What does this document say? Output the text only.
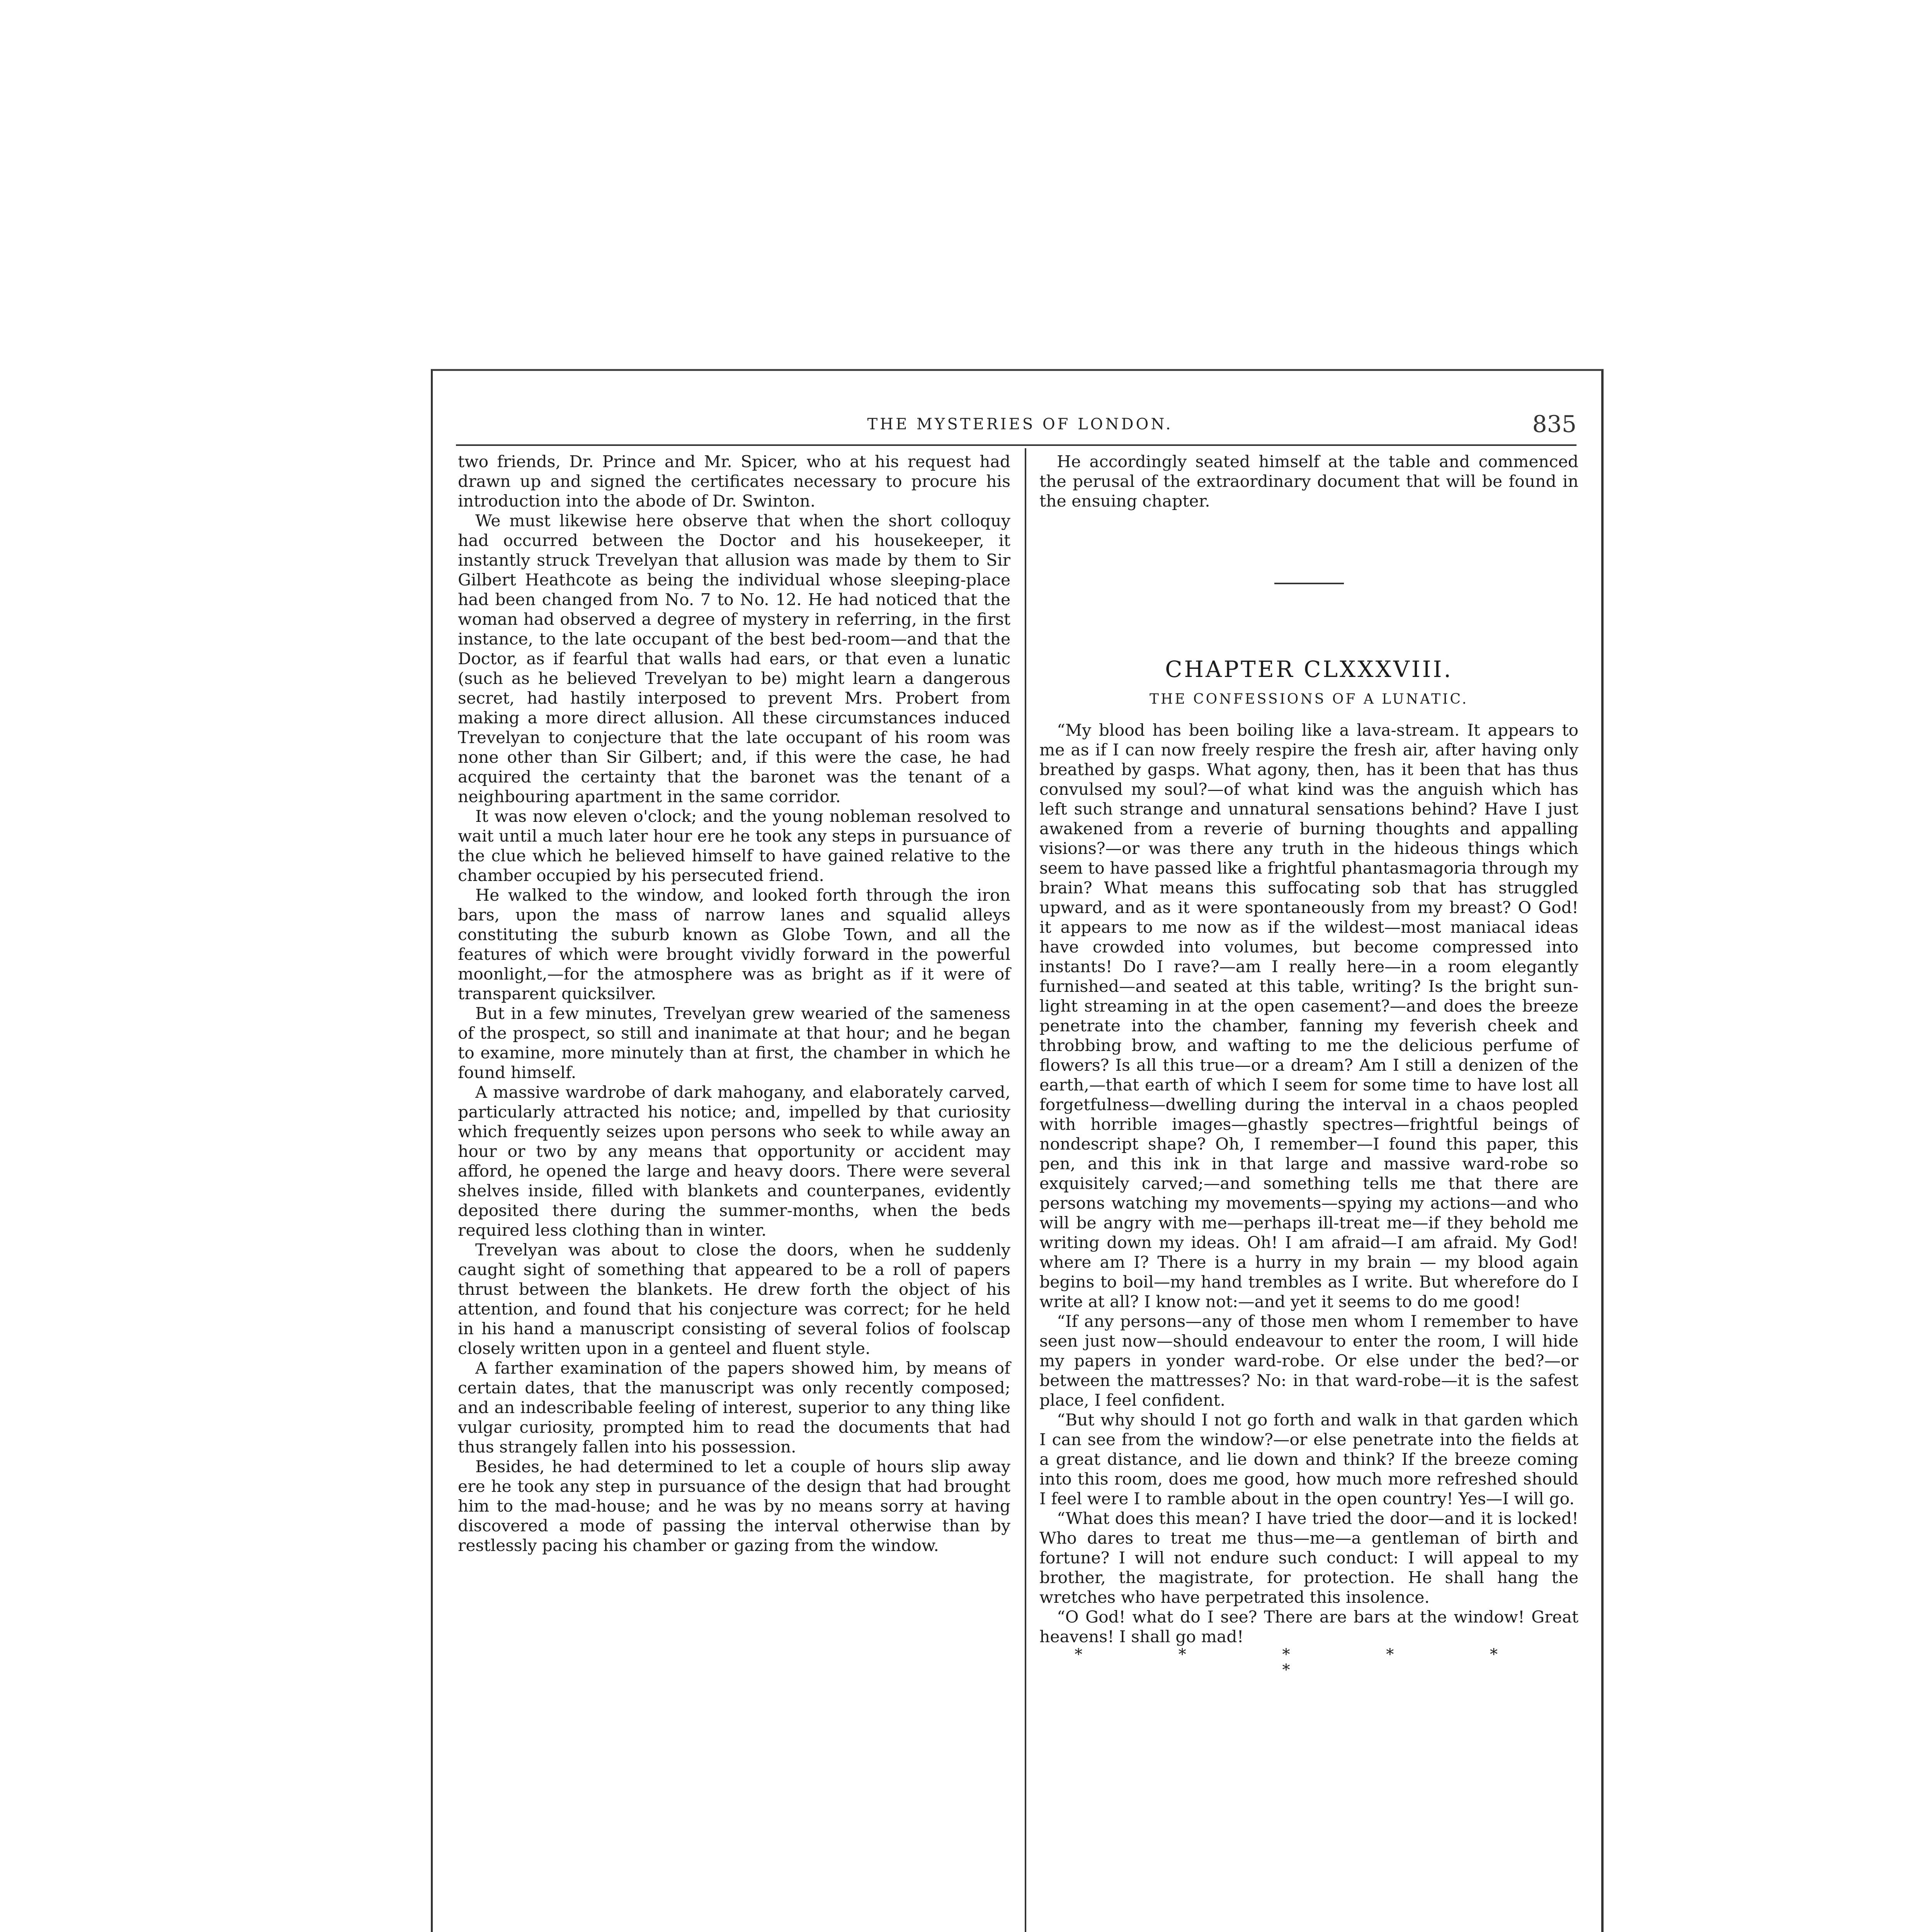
THE MYSTERIES OF LONDON.	835

two friends, Dr. Prince and Mr. Spicer, who at his request had drawn up and signed the certificates necessary to procure his introduction into the abode of Dr. Swinton.

We must likewise here observe that when the short colloquy had occurred between the Doctor and his housekeeper, it instantly struck Trevelyan that allusion was made by them to Sir Gilbert Heathcote as being the individual whose sleeping-place had been changed from No. 7 to No. 12. He had noticed that the woman had observed a degree of mystery in referring, in the first instance, to the late occupant of the best bed-room—and that the Doctor, as if fearful that walls had ears, or that even a lunatic (such as he believed Trevelyan to be) might learn a dangerous secret, had hastily interposed to prevent Mrs. Probert from making a more direct allusion. All these circumstances induced Trevelyan to conjecture that the late occupant of his room was none other than Sir Gilbert; and, if this were the case, he had acquired the certainty that the baronet was the tenant of a neighbouring apartment in the same corridor.

It was now eleven o'clock; and the young nobleman resolved to wait until a much later hour ere he took any steps in pursuance of the clue which he believed himself to have gained relative to the chamber occupied by his persecuted friend.

He walked to the window, and looked forth through the iron bars, upon the mass of narrow lanes and squalid alleys constituting the suburb known as Globe Town, and all the features of which were brought vividly forward in the powerful moonlight,—for the atmosphere was as bright as if it were of transparent quicksilver.

But in a few minutes, Trevelyan grew wearied of the sameness of the prospect, so still and inanimate at that hour; and he began to examine, more minutely than at first, the chamber in which he found himself.

A massive wardrobe of dark mahogany, and elaborately carved, particularly attracted his notice; and, impelled by that curiosity which frequently seizes upon persons who seek to while away an hour or two by any means that opportunity or accident may afford, he opened the large and heavy doors. There were several shelves inside, filled with blankets and counterpanes, evidently deposited there during the summer-months, when the beds required less clothing than in winter.

Trevelyan was about to close the doors, when he suddenly caught sight of something that appeared to be a roll of papers thrust between the blankets. He drew forth the object of his attention, and found that his conjecture was correct; for he held in his hand a manuscript consisting of several folios of foolscap closely written upon in a genteel and fluent style.

A farther examination of the papers showed him, by means of certain dates, that the manuscript was only recently composed; and an indescribable feeling of interest, superior to any thing like vulgar curiosity, prompted him to read the documents that had thus strangely fallen into his possession.

Besides, he had determined to let a couple of hours slip away ere he took any step in pursuance of the design that had brought him to the mad-house; and he was by no means sorry at having discovered a mode of passing the interval otherwise than by restlessly pacing his chamber or gazing from the window.

He accordingly seated himself at the table and commenced the perusal of the extraordinary document that will be found in the ensuing chapter.

CHAPTER CLXXXVIII.
THE CONFESSIONS OF A LUNATIC.

“My blood has been boiling like a lava-stream. It appears to me as if I can now freely respire the fresh air, after having only breathed by gasps. What agony, then, has it been that has thus convulsed my soul?—of what kind was the anguish which has left such strange and unnatural sensations behind? Have I just awakened from a reverie of burning thoughts and appalling visions?—or was there any truth in the hideous things which seem to have passed like a frightful phantasmagoria through my brain? What means this suffocating sob that has struggled upward, and as it were spontaneously from my breast? O God! it appears to me now as if the wildest—most maniacal ideas have crowded into volumes, but become compressed into instants! Do I rave?—am I really here—in a room elegantly furnished—and seated at this table, writing? Is the bright sun-light streaming in at the open casement?—and does the breeze penetrate into the chamber, fanning my feverish cheek and throbbing brow, and wafting to me the delicious perfume of flowers? Is all this true—or a dream? Am I still a denizen of the earth,—that earth of which I seem for some time to have lost all forgetfulness—dwelling during the interval in a chaos peopled with horrible images—ghastly spectres—frightful beings of nondescript shape? Oh, I remember—I found this paper, this pen, and this ink in that large and massive ward-robe so exquisitely carved;—and something tells me that there are persons watching my movements—spying my actions—and who will be angry with me—perhaps ill-treat me—if they behold me writing down my ideas. Oh! I am afraid—I am afraid. My God! where am I? There is a hurry in my brain — my blood again begins to boil—my hand trembles as I write. But wherefore do I write at all? I know not:—and yet it seems to do me good!

“If any persons—any of those men whom I remember to have seen just now—should endeavour to enter the room, I will hide my papers in yonder ward-robe. Or else under the bed?—or between the mattresses? No: in that ward-robe—it is the safest place, I feel confident.

“But why should I not go forth and walk in that garden which I can see from the window?—or else penetrate into the fields at a great distance, and lie down and think? If the breeze coming into this room, does me good, how much more refreshed should I feel were I to ramble about in the open country! Yes—I will go.

“What does this mean? I have tried the door—and it is locked! Who dares to treat me thus—me—a gentleman of birth and fortune? I will not endure such conduct: I will appeal to my brother, the magistrate, for protection. He shall hang the wretches who have perpetrated this insolence.

“O God! what do I see? There are bars at the window! Great heavens! I shall go mad!

* * * * * *
